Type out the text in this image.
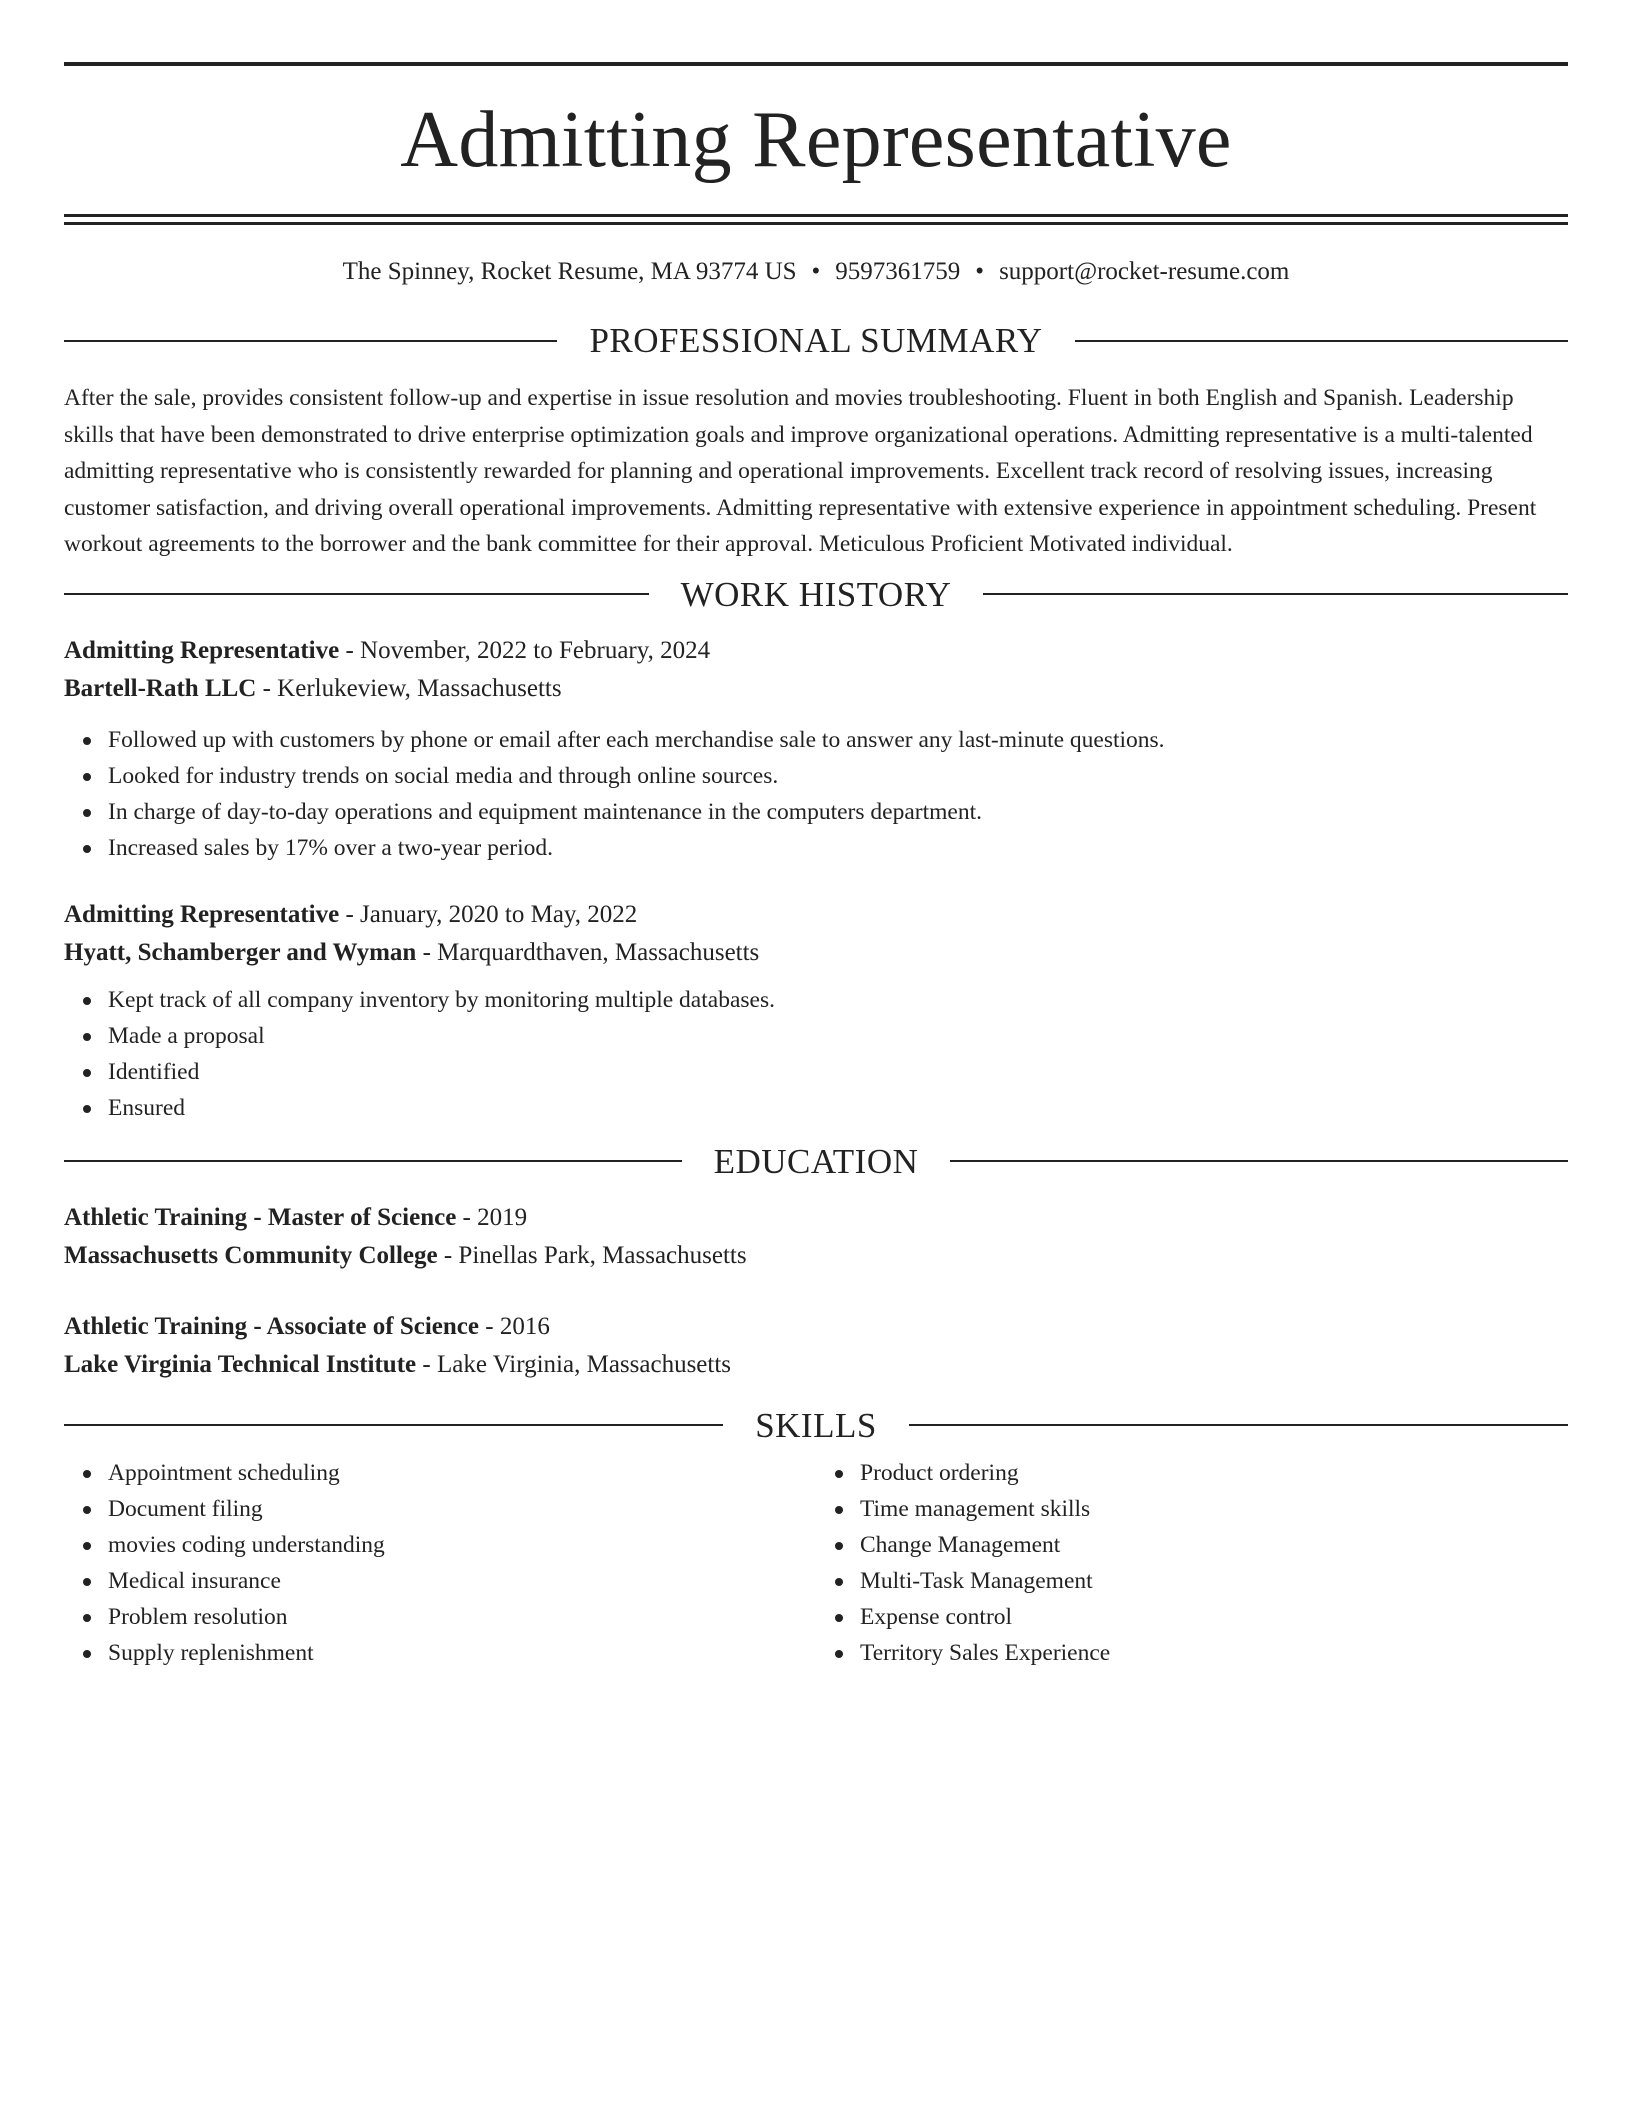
Admitting Representative
The Spinney, Rocket Resume, MA 93774 US • 9597361759 • support@rocket-resume.com
PROFESSIONAL SUMMARY

After the sale, provides consistent follow-up and expertise in issue resolution and movies troubleshooting. Fluent in both English and Spanish. Leadership skills that have been demonstrated to drive enterprise optimization goals and improve organizational operations. Admitting representative is a multi-talented admitting representative who is consistently rewarded for planning and operational improvements. Excellent track record of resolving issues, increasing customer satisfaction, and driving overall operational improvements. Admitting representative with extensive experience in appointment scheduling. Present workout agreements to the borrower and the bank committee for their approval. Meticulous Proficient Motivated individual.

WORK HISTORY
Admitting Representative - November, 2022 to February, 2024
Bartell-Rath LLC - Kerlukeview, Massachusetts
Followed up with customers by phone or email after each merchandise sale to answer any last-minute questions.
Looked for industry trends on social media and through online sources.
In charge of day-to-day operations and equipment maintenance in the computers department.
Increased sales by 17% over a two-year period.
Admitting Representative - January, 2020 to May, 2022
Hyatt, Schamberger and Wyman - Marquardthaven, Massachusetts
Kept track of all company inventory by monitoring multiple databases.
Made a proposal
Identified
Ensured
EDUCATION
Athletic Training - Master of Science - 2019
Massachusetts Community College - Pinellas Park, Massachusetts
Athletic Training - Associate of Science - 2016
Lake Virginia Technical Institute - Lake Virginia, Massachusetts
SKILLS
Appointment scheduling
Document filing
movies coding understanding
Medical insurance
Problem resolution
Supply replenishment
Product ordering
Time management skills
Change Management
Multi-Task Management
Expense control
Territory Sales Experience
